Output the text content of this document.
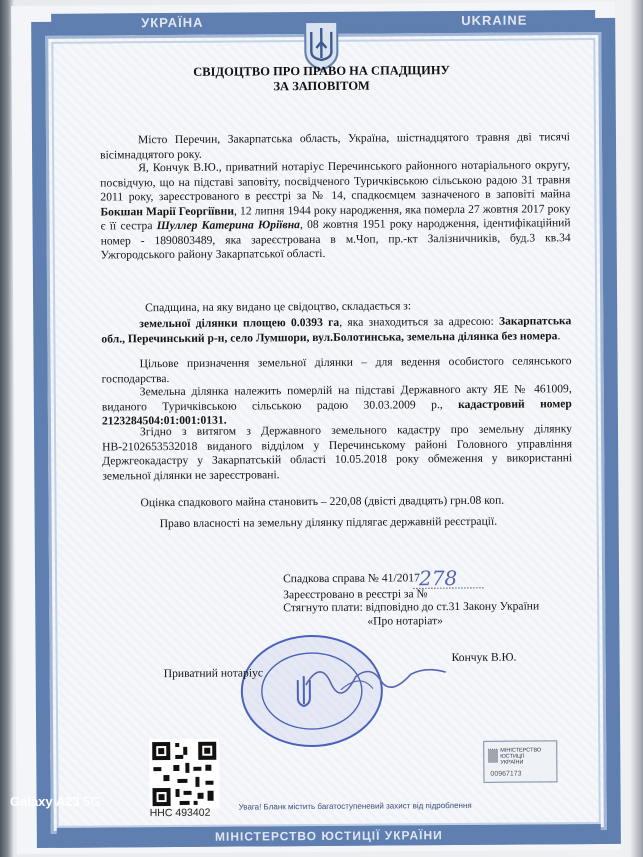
УКРАЇНА	UKRAINE
СВІДОЦТВО ПРО ПРАВО НА СПАДЩИНУ
ЗА ЗАПОВІТОМ
Місто Перечин, Закарпатська область, Україна, шістнадцятого травня дві тисячі вісімнадцятого року.
Я, Кончук В.Ю., приватний нотаріус Перечинського районного нотаріального округу, посвідчую, що на підставі заповіту, посвідченого Туричківською сільською радою 31 травня 2011 року, зареєстрованого в реєстрі за № 14, спадкоємцем зазначеного в заповіті майна Бокшан Марії Георгіївни, 12 липня 1944 року народження, яка померла 27 жовтня 2017 року є її сестра Шуллер Катерина Юріївна, 08 жовтня 1951 року народження, ідентифікаційний номер - 1890803489, яка зареєстрована в м.Чоп, пр.-кт Залізничників, буд.3 кв.34 Ужгородського району Закарпатської області.
Спадщина, на яку видано це свідоцтво, складається з:
земельної ділянки площею 0.0393 га, яка знаходиться за адресою: Закарпатська обл., Перечинський р-н, село Лумшори, вул.Болотинська, земельна ділянка без номера.
Цільове призначення земельної ділянки – для ведення особистого селянського господарства.
Земельна ділянка належить померлій на підставі Державного акту ЯЕ № 461009, виданого Туричківською сільською радою 30.03.2009 р., кадастровий номер 2123284504:01:001:0131.
Згідно з витягом з Державного земельного кадастру про земельну ділянку НВ-2102653532018 виданого відділом у Перечинському районі Головного управління Держгеокадастру у Закарпатській області 10.05.2018 року обмеження у використанні земельної ділянки не зареєстровані.
Оцінка спадкового майна становить – 220,08 (двісті двадцять) грн.08 коп.
Право власності на земельну ділянку підлягає державній реєстрації.
Спадкова справа № 41/2017
Зареєстровано в реєстрі за №
278
Стягнуто плати: відповідно до ст.31 Закону України
«Про нотаріат»
Приватний нотаріус
Кончук В.Ю.
ННС 493402
Увага! Бланк містить багатоступеневий захист від підроблення
МІНІСТЕРСТВО
ЮСТИЦІЇ
УКРАЇНИ
00967173
МІНІСТЕРСТВО ЮСТИЦІЇ УКРАЇНИ
Galaxy A23 5G
